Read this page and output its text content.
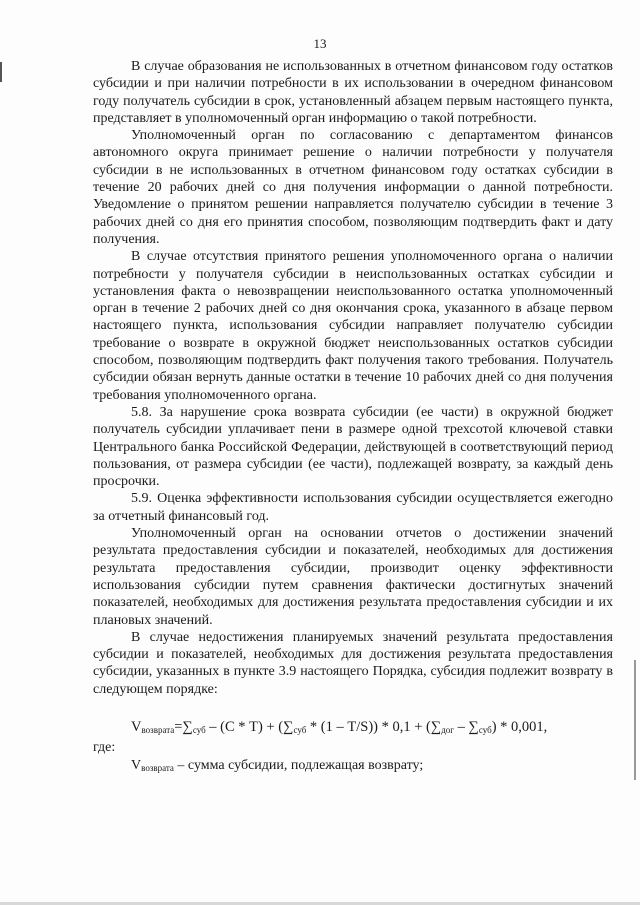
13

В случае образования не использованных в отчетном финансовом году остатков субсидии и при наличии потребности в их использовании в очередном финансовом году получатель субсидии в срок, установленный абзацем первым настоящего пункта, представляет в уполномоченный орган информацию о такой потребности.

Уполномоченный орган по согласованию с департаментом финансов автономного округа принимает решение о наличии потребности у получателя субсидии в не использованных в отчетном финансовом году остатках субсидии в течение 20 рабочих дней со дня получения информации о данной потребности. Уведомление о принятом решении направляется получателю субсидии в течение 3 рабочих дней со дня его принятия способом, позволяющим подтвердить факт и дату получения.

В случае отсутствия принятого решения уполномоченного органа о наличии потребности у получателя субсидии в неиспользованных остатках субсидии и установления факта о невозвращении неиспользованного остатка уполномоченный орган в течение 2 рабочих дней со дня окончания срока, указанного в абзаце первом настоящего пункта, использования субсидии направляет получателю субсидии требование о возврате в окружной бюджет неиспользованных остатков субсидии способом, позволяющим подтвердить факт получения такого требования. Получатель субсидии обязан вернуть данные остатки в течение 10 рабочих дней со дня получения требования уполномоченного органа.

5.8. За нарушение срока возврата субсидии (ее части) в окружной бюджет получатель субсидии уплачивает пени в размере одной трехсотой ключевой ставки Центрального банка Российской Федерации, действующей в соответствующий период пользования, от размера субсидии (ее части), подлежащей возврату, за каждый день просрочки.

5.9. Оценка эффективности использования субсидии осуществляется ежегодно за отчетный финансовый год.

Уполномоченный орган на основании отчетов о достижении значений результата предоставления субсидии и показателей, необходимых для достижения результата предоставления субсидии, производит оценку эффективности использования субсидии путем сравнения фактически достигнутых значений показателей, необходимых для достижения результата предоставления субсидии и их плановых значений.

В случае недостижения планируемых значений результата предоставления субсидии и показателей, необходимых для достижения результата предоставления субсидии, указанных в пункте 3.9 настоящего Порядка, субсидия подлежит возврату в следующем порядке:

$V_{возврата}=\sum_{суб} - (С * Т) + (\sum_{суб} * (1 - Т/S)) * 0,1 + (\sum_{дог} - \sum_{суб}) * 0,001$,

где:

$V_{возврата}$ – сумма субсидии, подлежащая возврату;
